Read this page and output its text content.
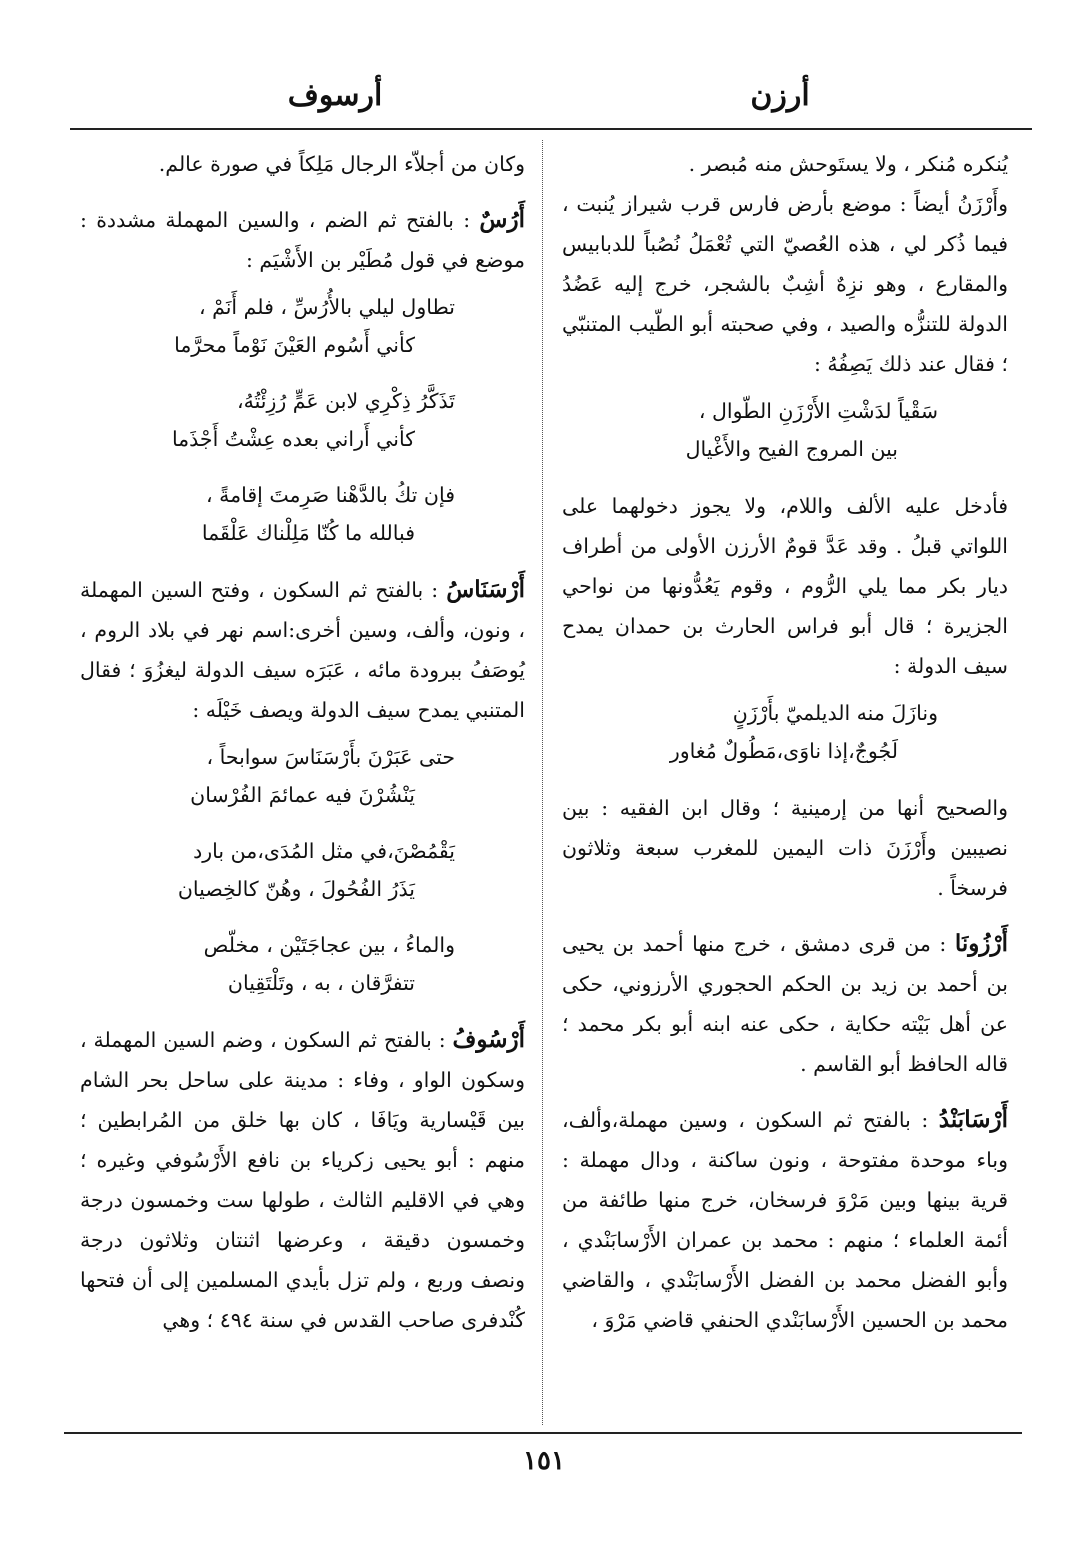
أرزن
أرسوف

يُنكره مُنكر ، ولا يستَوحش منه مُبصر .

وأَرْزَنُ أيضاً : موضع بأرض فارس قرب شيراز يُنبت ، فيما ذُكر لي ، هذه العُصيّ التي تُعْمَلُ نُصُباً للدبابيس والمقارع ، وهو نزِهٌ أشِبٌ بالشجر، خرج إليه عَضُدُ الدولة للتنزُّه والصيد ، وفي صحبته أبو الطّيب المتنبّي ؛ فقال عند ذلك يَصِفُهُ :

سَقْياً لدَشْتِ الأَرْزَنِ الطّوال ،
بين المروج الفيح والأَغْيال

فأدخل عليه الألف واللام، ولا يجوز دخولهما على اللواتي قبلُ . وقد عَدَّ قومٌ الأرزن الأولى من أطراف ديار بكر مما يلي الرُّوم ، وقوم يَعُدُّونها من نواحي الجزيرة ؛ قال أبو فراس الحارث بن حمدان يمدح سيف الدولة :

ونازَلَ منه الديلميّ بأَرْزَنٍ
لَجُوجٌ،إذا ناوَى،مَطُولٌ مُغاور

والصحيح أنها من إرمينية ؛ وقال ابن الفقيه : بين نصيبين وأَرْزَنَ ذات اليمين للمغرب سبعة وثلاثون فرسخاً .

أَرْزُونَا : من قرى دمشق ، خرج منها أحمد بن يحيى بن أحمد بن زيد بن الحكم الحجوري الأرزوني، حكى عن أهل بَيْته حكاية ، حكى عنه ابنه أبو بكر محمد ؛ قاله الحافظ أبو القاسم .

أَرْسَابَنْدُ : بالفتح ثم السكون ، وسين مهملة،وألف، وباء موحدة مفتوحة ، ونون ساكنة ، ودال مهملة : قرية بينها وبين مَرْوَ فرسخان، خرج منها طائفة من أئمة العلماء ؛ منهم : محمد بن عمران الأَرْسابَنْدي ، وأبو الفضل محمد بن الفضل الأَرْسابَنْدي ، والقاضي محمد بن الحسين الأَرْسابَنْدي الحنفي قاضي مَرْوَ ،

وكان من أجلاّء الرجال مَلِكاً في صورة عالم.

أَرُسٌ : بالفتح ثم الضم ، والسين المهملة مشددة : موضع في قول مُطَيْر بن الأَشْيَم :

تطاول ليلي بالأُرُسِّ ، فلم أَنَمْ ،
كأني أَسُوم العَيْنَ نَوْماً محرَّما
تَذَكَّرُ ذِكْرِي لابن عَمٍّ رُزِئْتُهُ،
كأني أَراني بعده عِشْتُ أَجْذَما
فإن تكُ بالدَّهْنا صَرِمتَ إقامةً ،
فبالله ما كُنّا مَلِلْناك عَلْقَما

أَرْسَنَاسُ : بالفتح ثم السكون ، وفتح السين المهملة ، ونون، وألف، وسين أخرى:اسم نهر في بلاد الروم ، يُوصَفُ ببرودة مائه ، عَبَرَه سيف الدولة ليغزُوَ ؛ فقال المتنبي يمدح سيف الدولة ويصف خَيْلَه :

حتى عَبَرْنَ بأَرْسَنَاسَ سوابحاً ،
يَنْشُرْنَ فيه عمائمَ الفُرْسان
يَقْمُصْنَ،في مثل المُدَى،من بارد
يَذَرُ الفُحُولَ ، وهُنّ كالخِصيان
والماءُ ، بين عجاجَتَيْن ، مخلّص
تتفرَّقان ، به ، وتَلْتَقِيان

أَرْسُوفُ : بالفتح ثم السكون ، وضم السين المهملة ، وسكون الواو ، وفاء : مدينة على ساحل بحر الشام بين قَيْسارية ويَافَا ، كان بها خلق من المُرابطين ؛ منهم : أبو يحيى زكرياء بن نافع الأَرْسُوفي وغيره ؛ وهي في الاقليم الثالث ، طولها ست وخمسون درجة وخمسون دقيقة ، وعرضها اثنتان وثلاثون درجة ونصف وربع ، ولم تزل بأيدي المسلمين إلى أن فتحها كُنْدفرى صاحب القدس في سنة ٤٩٤ ؛ وهي

١٥١
